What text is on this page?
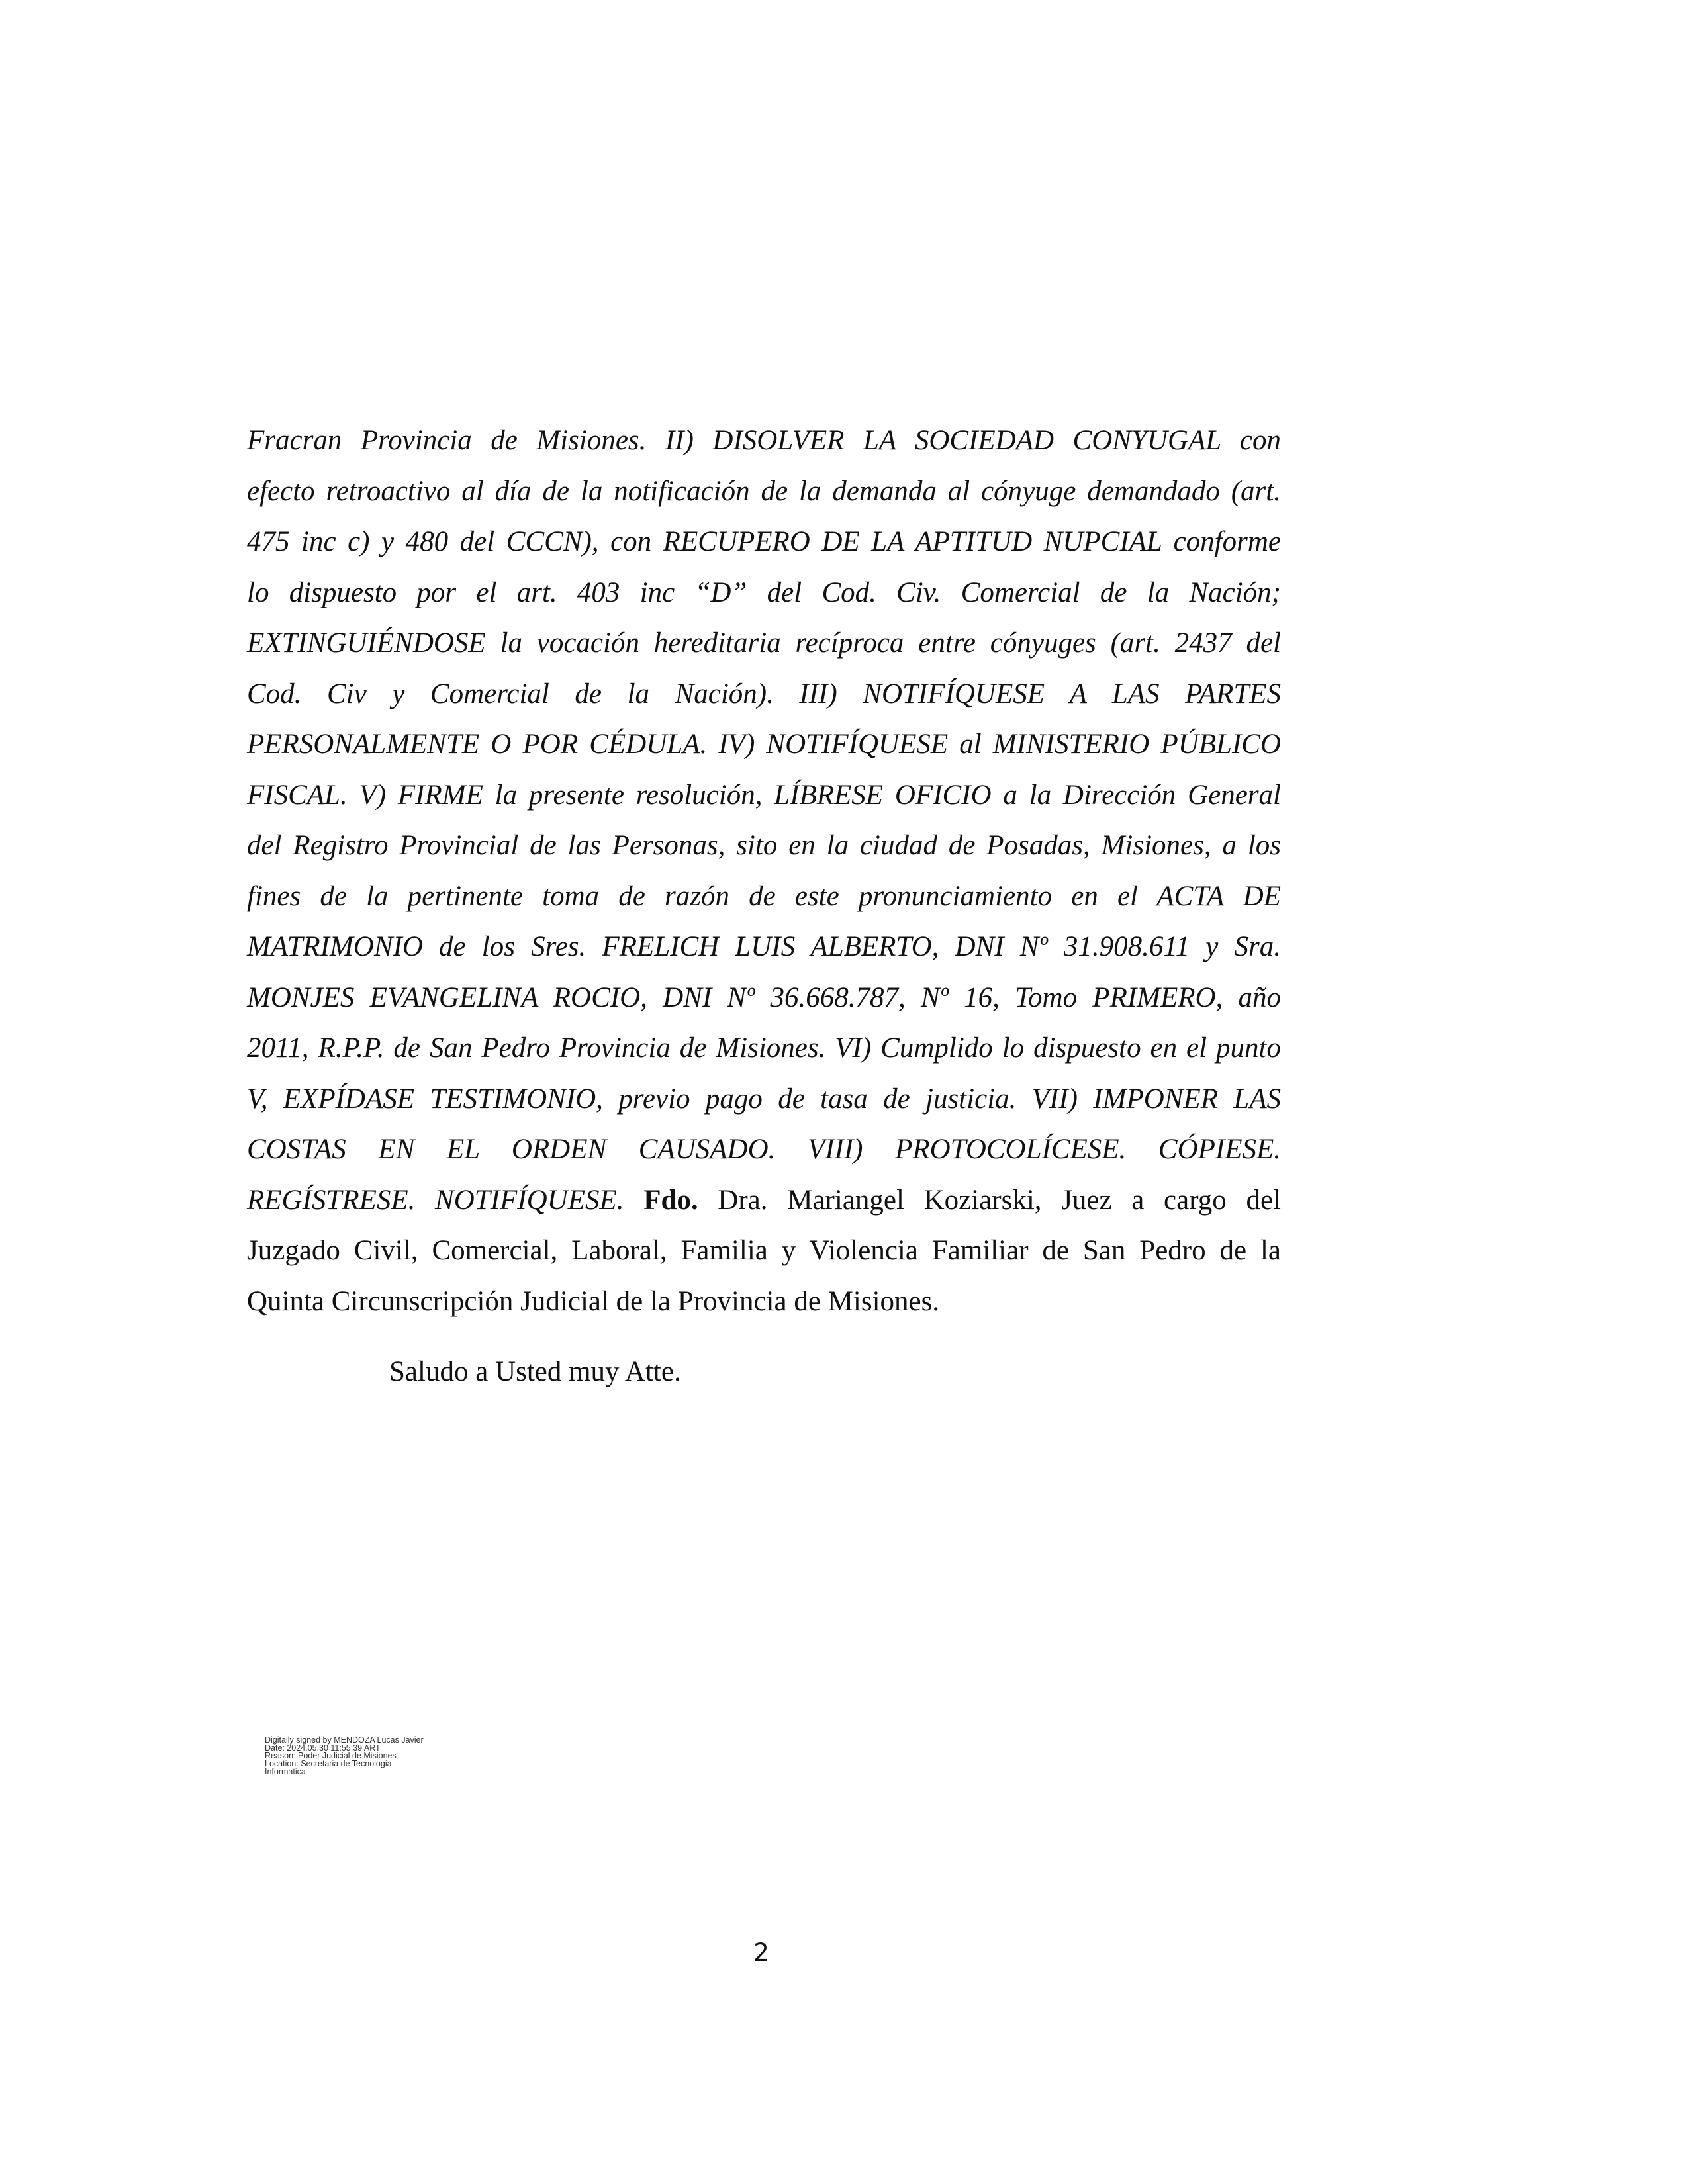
Fracran Provincia de Misiones. II) DISOLVER LA SOCIEDAD CONYUGAL con
efecto retroactivo al día de la notificación de la demanda al cónyuge demandado (art.
475 inc c) y 480 del CCCN), con RECUPERO DE LA APTITUD NUPCIAL conforme
lo dispuesto por el art. 403 inc “D” del Cod. Civ. Comercial de la Nación;
EXTINGUIÉNDOSE la vocación hereditaria recíproca entre cónyuges (art. 2437 del
Cod. Civ y Comercial de la Nación). III) NOTIFÍQUESE A LAS PARTES
PERSONALMENTE O POR CÉDULA. IV) NOTIFÍQUESE al MINISTERIO PÚBLICO
FISCAL. V) FIRME la presente resolución, LÍBRESE OFICIO a la Dirección General
del Registro Provincial de las Personas, sito en la ciudad de Posadas, Misiones, a los
fines de la pertinente toma de razón de este pronunciamiento en el ACTA DE
MATRIMONIO de los Sres. FRELICH LUIS ALBERTO, DNI Nº 31.908.611 y Sra.
MONJES EVANGELINA ROCIO, DNI Nº 36.668.787, Nº 16, Tomo PRIMERO, año
2011, R.P.P. de San Pedro Provincia de Misiones. VI) Cumplido lo dispuesto en el punto
V, EXPÍDASE TESTIMONIO, previo pago de tasa de justicia. VII) IMPONER LAS
COSTAS EN EL ORDEN CAUSADO. VIII) PROTOCOLÍCESE. CÓPIESE.
REGÍSTRESE. NOTIFÍQUESE. Fdo. Dra. Mariangel Koziarski, Juez a cargo del
Juzgado Civil, Comercial, Laboral, Familia y Violencia Familiar de San Pedro de la
Quinta Circunscripción Judicial de la Provincia de Misiones.

Saludo a Usted muy Atte.

Digitally signed by MENDOZA Lucas Javier
Date: 2024.05.30 11:55:39 ART
Reason: Poder Judicial de Misiones
Location: Secretaria de Tecnologia
Informatica
2
